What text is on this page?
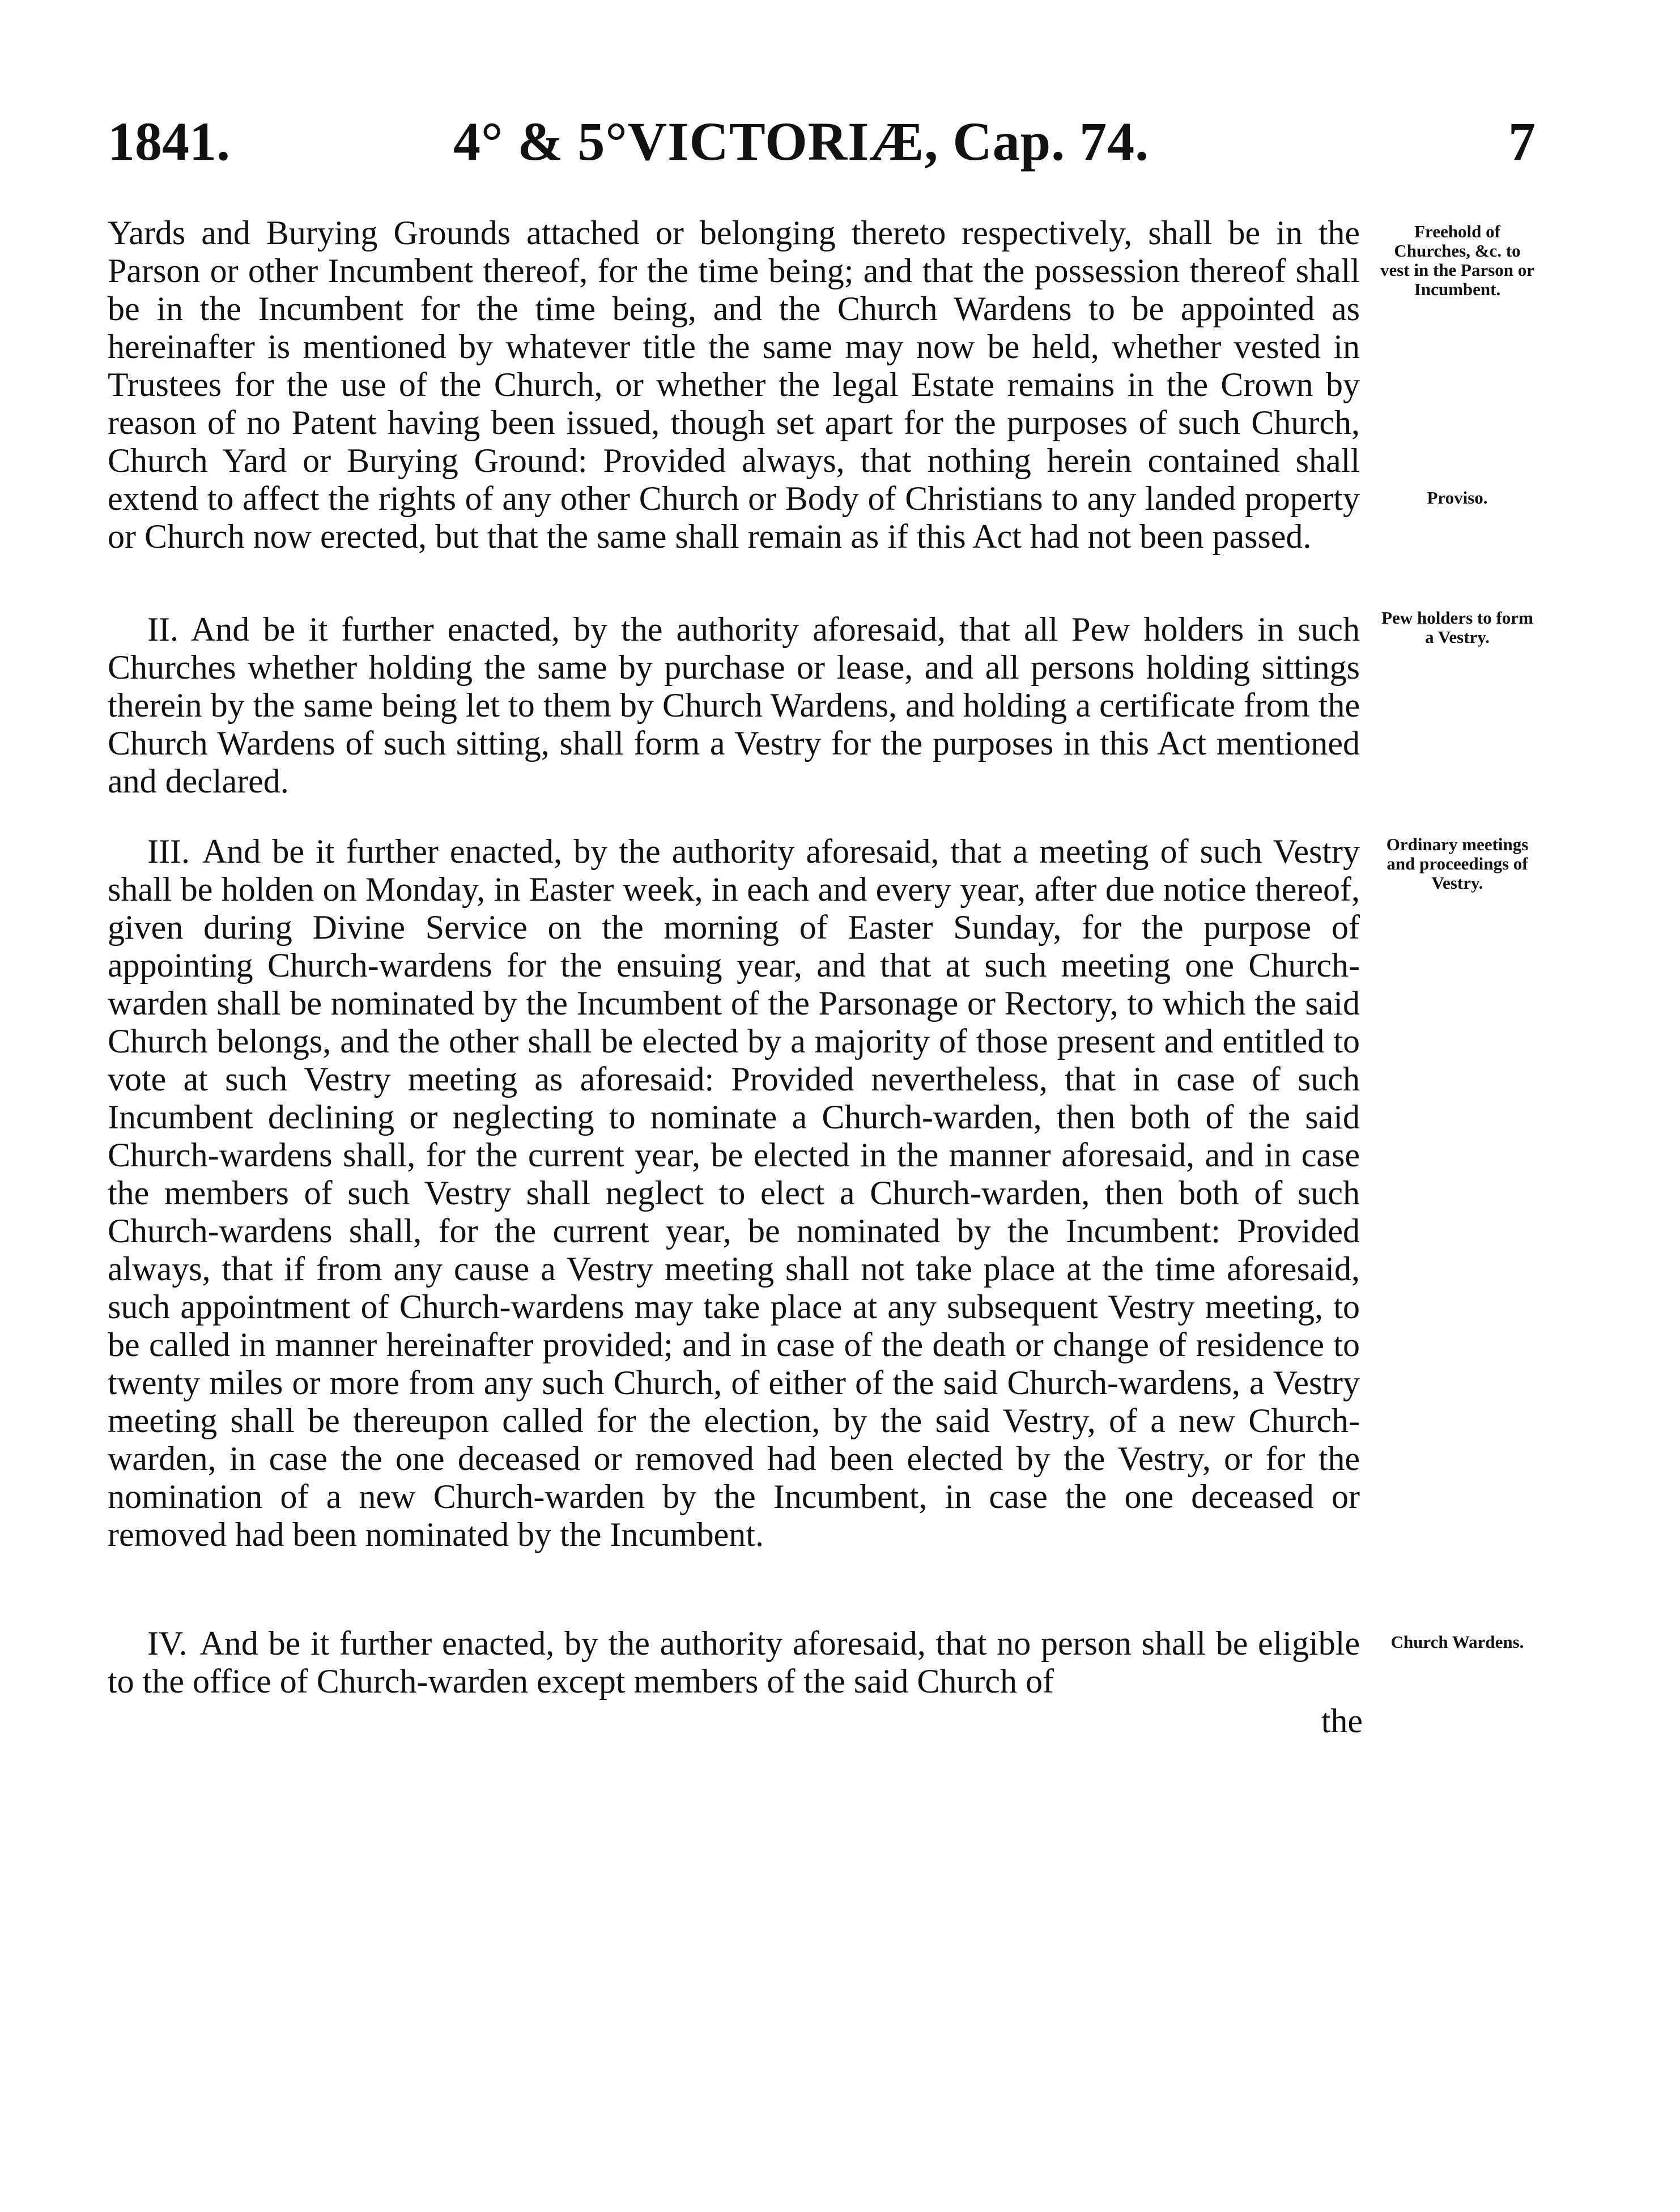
1841.	4° & 5°VICTORIÆ, Cap. 74.	7

Yards and Burying Grounds attached or belonging thereto respectively, shall be in the Parson or other Incumbent thereof, for the time being; and that the possession thereof shall be in the Incumbent for the time being, and the Church Wardens to be appointed as hereinafter is mentioned by whatever title the same may now be held, whether vested in Trustees for the use of the Church, or whether the legal Estate remains in the Crown by reason of no Patent having been issued, though set apart for the purposes of such Church, Church Yard or Burying Ground: Provided always, that nothing herein contained shall extend to affect the rights of any other Church or Body of Christians to any landed property or Church now erected, but that the same shall remain as if this Act had not been passed.

II. And be it further enacted, by the authority aforesaid, that all Pew holders in such Churches whether holding the same by purchase or lease, and all persons holding sittings therein by the same being let to them by Church Wardens, and holding a certificate from the Church Wardens of such sitting, shall form a Vestry for the purposes in this Act mentioned and declared.

III. And be it further enacted, by the authority aforesaid, that a meeting of such Vestry shall be holden on Monday, in Easter week, in each and every year, after due notice thereof, given during Divine Service on the morning of Easter Sunday, for the purpose of appointing Church-wardens for the ensuing year, and that at such meeting one Church-warden shall be nominated by the Incumbent of the Parsonage or Rectory, to which the said Church belongs, and the other shall be elected by a majority of those present and entitled to vote at such Vestry meeting as aforesaid: Provided nevertheless, that in case of such Incumbent declining or neglecting to nominate a Church-warden, then both of the said Church-wardens shall, for the current year, be elected in the manner aforesaid, and in case the members of such Vestry shall neglect to elect a Church-warden, then both of such Church-wardens shall, for the current year, be nominated by the Incumbent: Provided always, that if from any cause a Vestry meeting shall not take place at the time aforesaid, such appointment of Church-wardens may take place at any subsequent Vestry meeting, to be called in manner hereinafter provided; and in case of the death or change of residence to twenty miles or more from any such Church, of either of the said Church-wardens, a Vestry meeting shall be thereupon called for the election, by the said Vestry, of a new Church-warden, in case the one deceased or removed had been elected by the Vestry, or for the nomination of a new Church-warden by the Incumbent, in case the one deceased or removed had been nominated by the Incumbent.

IV. And be it further enacted, by the authority aforesaid, that no person shall be eligible to the office of Church-warden except members of the said Church of

the
Freehold of Churches, &c. to vest in the Parson or Incumbent.
Proviso.
Pew holders to form a Vestry.
Ordinary meetings and proceedings of Vestry.
Church Wardens.
